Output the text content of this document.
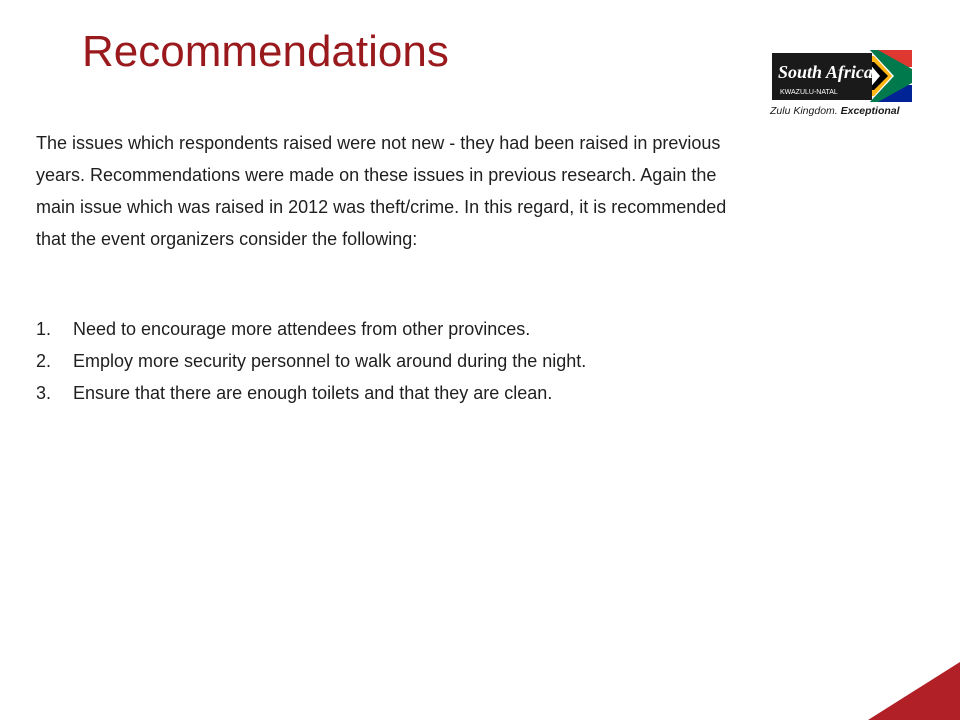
Recommendations	South Africa
KWAZULU-NATAL
Zulu Kingdom. Exceptional

The issues which respondents raised were not new - they had been raised in previous years. Recommendations were made on these issues in previous research. Again the main issue which was raised in 2012 was theft/crime. In this regard, it is recommended that the event organizers consider the following:

1.	Need to encourage more attendees from other provinces.
2.	Employ more security personnel to walk around during the night.
3.	Ensure that there are enough toilets and that they are clean.
